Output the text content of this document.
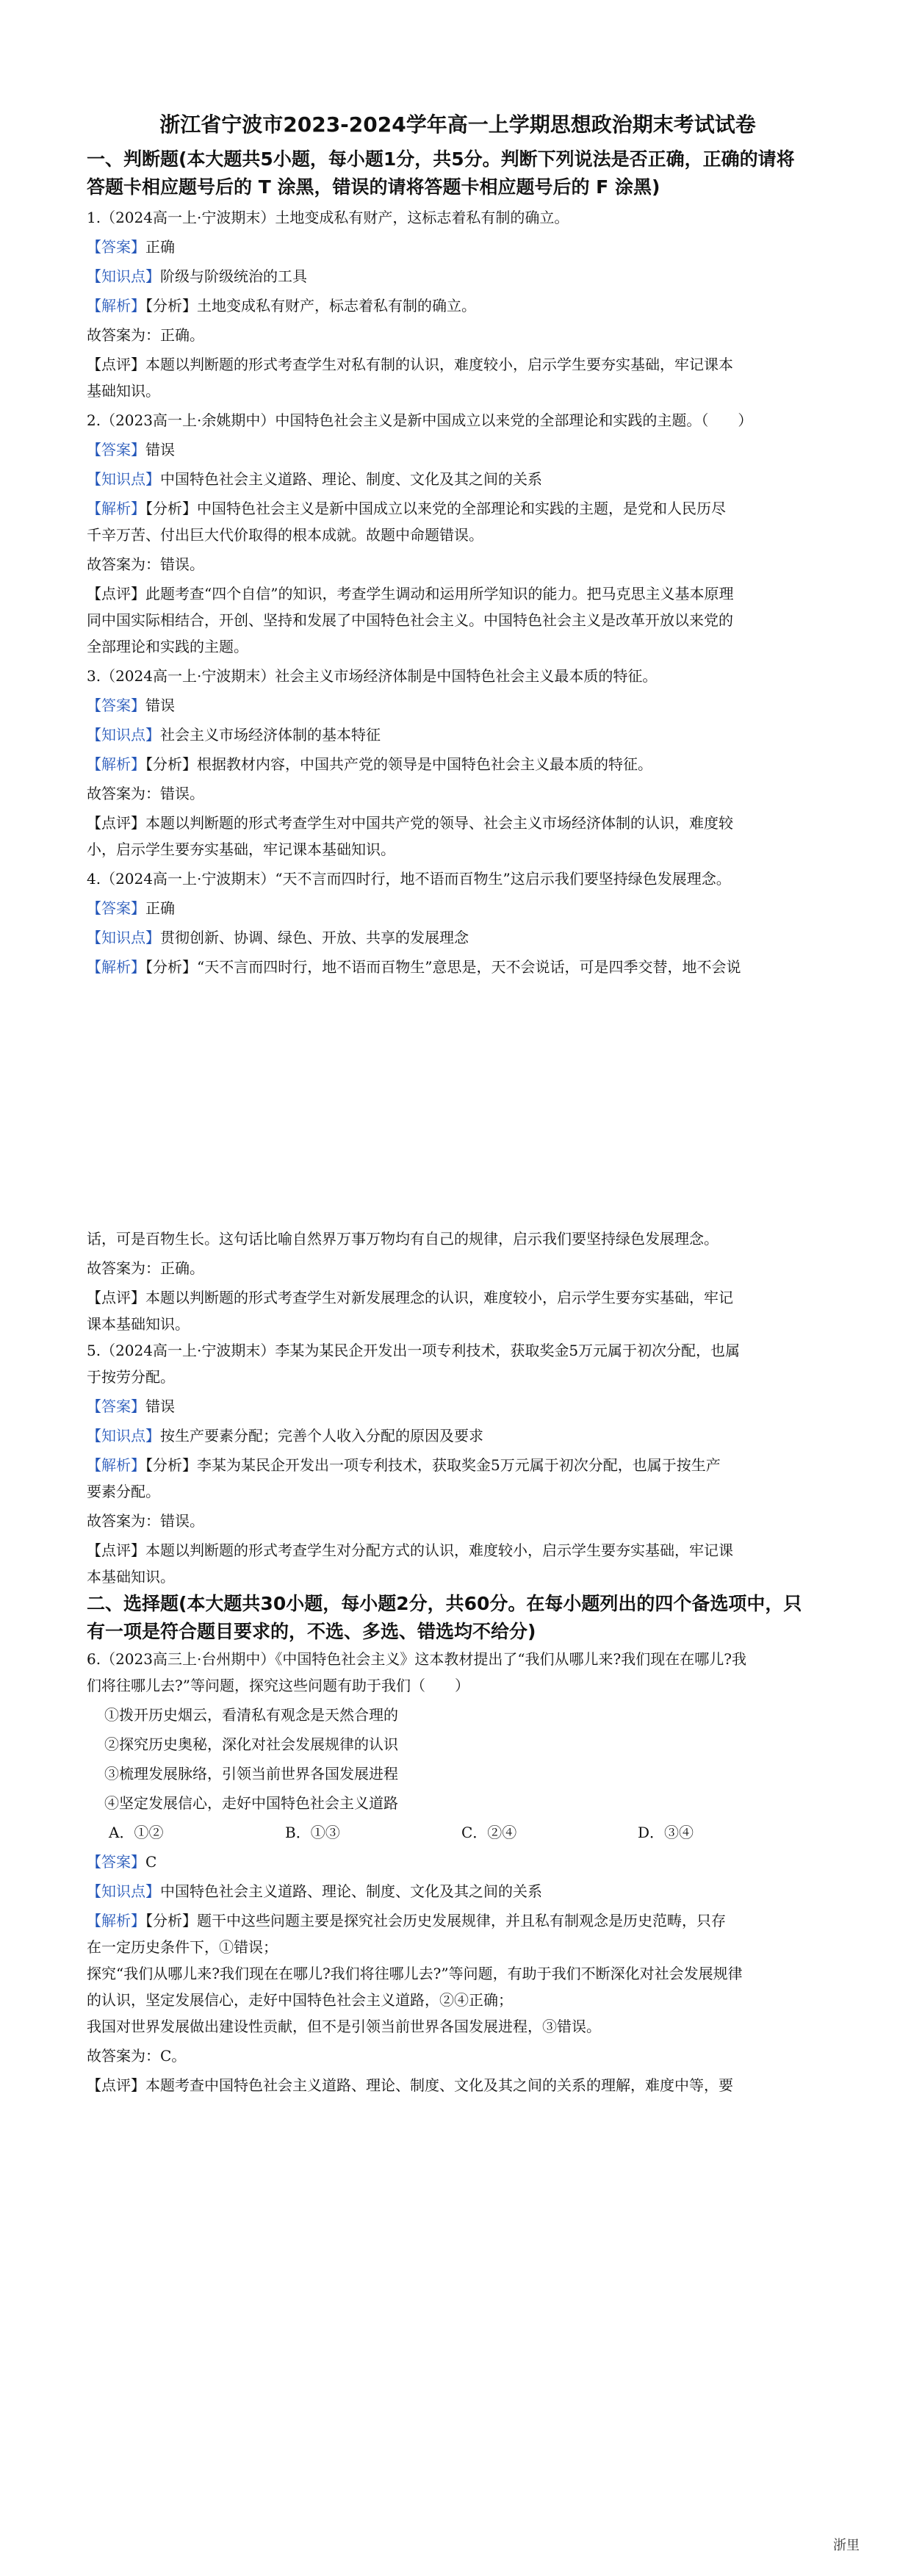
浙江省宁波市2023-2024学年高一上学期思想政治期末考试试卷
一、判断题(本大题共5小题，每小题1分，共5分。判断下列说法是否正确，正确的请将
答题卡相应题号后的 T 涂黑，错误的请将答题卡相应题号后的 F 涂黑)
1.（2024高一上·宁波期末）土地变成私有财产，这标志着私有制的确立。
【答案】正确
【知识点】阶级与阶级统治的工具
【解析】【分析】土地变成私有财产，标志着私有制的确立。
故答案为：正确。
【点评】本题以判断题的形式考查学生对私有制的认识，难度较小，启示学生要夯实基础，牢记课本
基础知识。
2.（2023高一上·余姚期中）中国特色社会主义是新中国成立以来党的全部理论和实践的主题。（　　）
【答案】错误
【知识点】中国特色社会主义道路、理论、制度、文化及其之间的关系
【解析】【分析】中国特色社会主义是新中国成立以来党的全部理论和实践的主题，是党和人民历尽
千辛万苦、付出巨大代价取得的根本成就。故题中命题错误。
故答案为：错误。
【点评】此题考查“四个自信”的知识，考查学生调动和运用所学知识的能力。把马克思主义基本原理
同中国实际相结合，开创、坚持和发展了中国特色社会主义。中国特色社会主义是改革开放以来党的
全部理论和实践的主题。
3.（2024高一上·宁波期末）社会主义市场经济体制是中国特色社会主义最本质的特征。
【答案】错误
【知识点】社会主义市场经济体制的基本特征
【解析】【分析】根据教材内容，中国共产党的领导是中国特色社会主义最本质的特征。
故答案为：错误。
【点评】本题以判断题的形式考查学生对中国共产党的领导、社会主义市场经济体制的认识，难度较
小，启示学生要夯实基础，牢记课本基础知识。
4.（2024高一上·宁波期末）“天不言而四时行，地不语而百物生”这启示我们要坚持绿色发展理念。
【答案】正确
【知识点】贯彻创新、协调、绿色、开放、共享的发展理念
【解析】【分析】“天不言而四时行，地不语而百物生”意思是，天不会说话，可是四季交替，地不会说
话，可是百物生长。这句话比喻自然界万事万物均有自己的规律，启示我们要坚持绿色发展理念。
故答案为：正确。
【点评】本题以判断题的形式考查学生对新发展理念的认识，难度较小，启示学生要夯实基础，牢记
课本基础知识。
5.（2024高一上·宁波期末）李某为某民企开发出一项专利技术，获取奖金5万元属于初次分配，也属
于按劳分配。
【答案】错误
【知识点】按生产要素分配；完善个人收入分配的原因及要求
【解析】【分析】李某为某民企开发出一项专利技术，获取奖金5万元属于初次分配，也属于按生产
要素分配。
故答案为：错误。
【点评】本题以判断题的形式考查学生对分配方式的认识，难度较小，启示学生要夯实基础，牢记课
本基础知识。
二、选择题(本大题共30小题，每小题2分，共60分。在每小题列出的四个备选项中，只
有一项是符合题目要求的，不选、多选、错选均不给分)
6.（2023高三上·台州期中）《中国特色社会主义》这本教材提出了“我们从哪儿来?我们现在在哪儿?我
们将往哪儿去?”等问题，探究这些问题有助于我们（　　）
①拨开历史烟云，看清私有观念是天然合理的
②探究历史奥秘，深化对社会发展规律的认识
③梳理发展脉络，引领当前世界各国发展进程
④坚定发展信心，走好中国特色社会主义道路
A．①②	B．①③	C．②④	D．③④
【答案】C
【知识点】中国特色社会主义道路、理论、制度、文化及其之间的关系
【解析】【分析】题干中这些问题主要是探究社会历史发展规律，并且私有制观念是历史范畴，只存
在一定历史条件下，①错误；
探究“我们从哪儿来?我们现在在哪儿?我们将往哪儿去?”等问题，有助于我们不断深化对社会发展规律
的认识，坚定发展信心，走好中国特色社会主义道路，②④正确；
我国对世界发展做出建设性贡献，但不是引领当前世界各国发展进程，③错误。
故答案为：C。
【点评】本题考查中国特色社会主义道路、理论、制度、文化及其之间的关系的理解，难度中等，要
浙里
